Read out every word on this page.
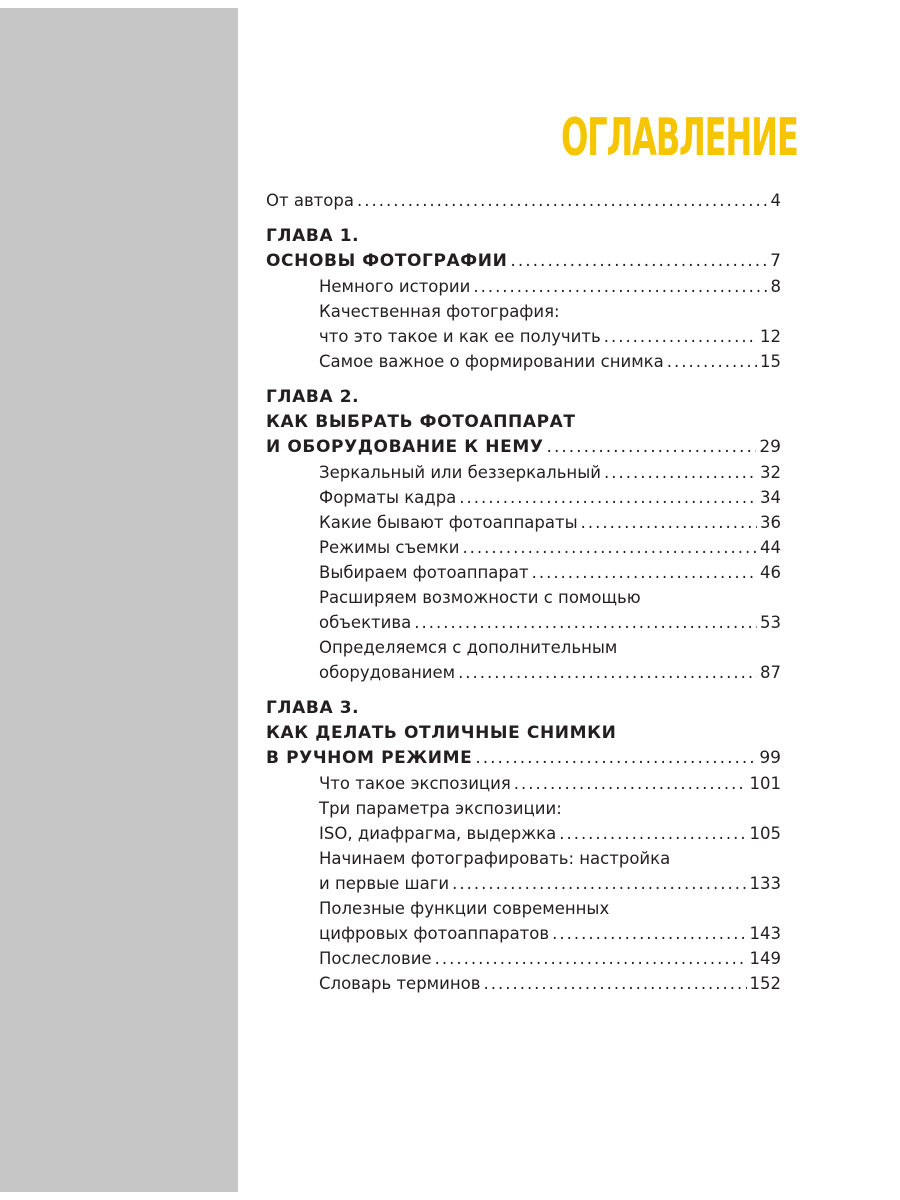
ОГЛАВЛЕНИЕ
От автора .....	4
ГЛАВА 1.
ОСНОВЫ ФОТОГРАФИИ .....	7
Немного истории .....	8
Качественная фотография:
что это такое и как ее получить .....	12
Самое важное о формировании снимка .....	15
ГЛАВА 2.
КАК ВЫБРАТЬ ФОТОАППАРАТ
И ОБОРУДОВАНИЕ К НЕМУ .....	29
Зеркальный или беззеркальный .....	32
Форматы кадра .....	34
Какие бывают фотоаппараты .....	36
Режимы съемки .....	44
Выбираем фотоаппарат .....	46
Расширяем возможности с помощью
объектива .....	53
Определяемся с дополнительным
оборудованием .....	87
ГЛАВА 3.
КАК ДЕЛАТЬ ОТЛИЧНЫЕ СНИМКИ
В РУЧНОМ РЕЖИМЕ .....	99
Что такое экспозиция .....	101
Три параметра экспозиции:
ISO, диафрагма, выдержка .....	105
Начинаем фотографировать: настройка
и первые шаги .....	133
Полезные функции современных
цифровых фотоаппаратов .....	143
Послесловие .....	149
Словарь терминов .....	152
